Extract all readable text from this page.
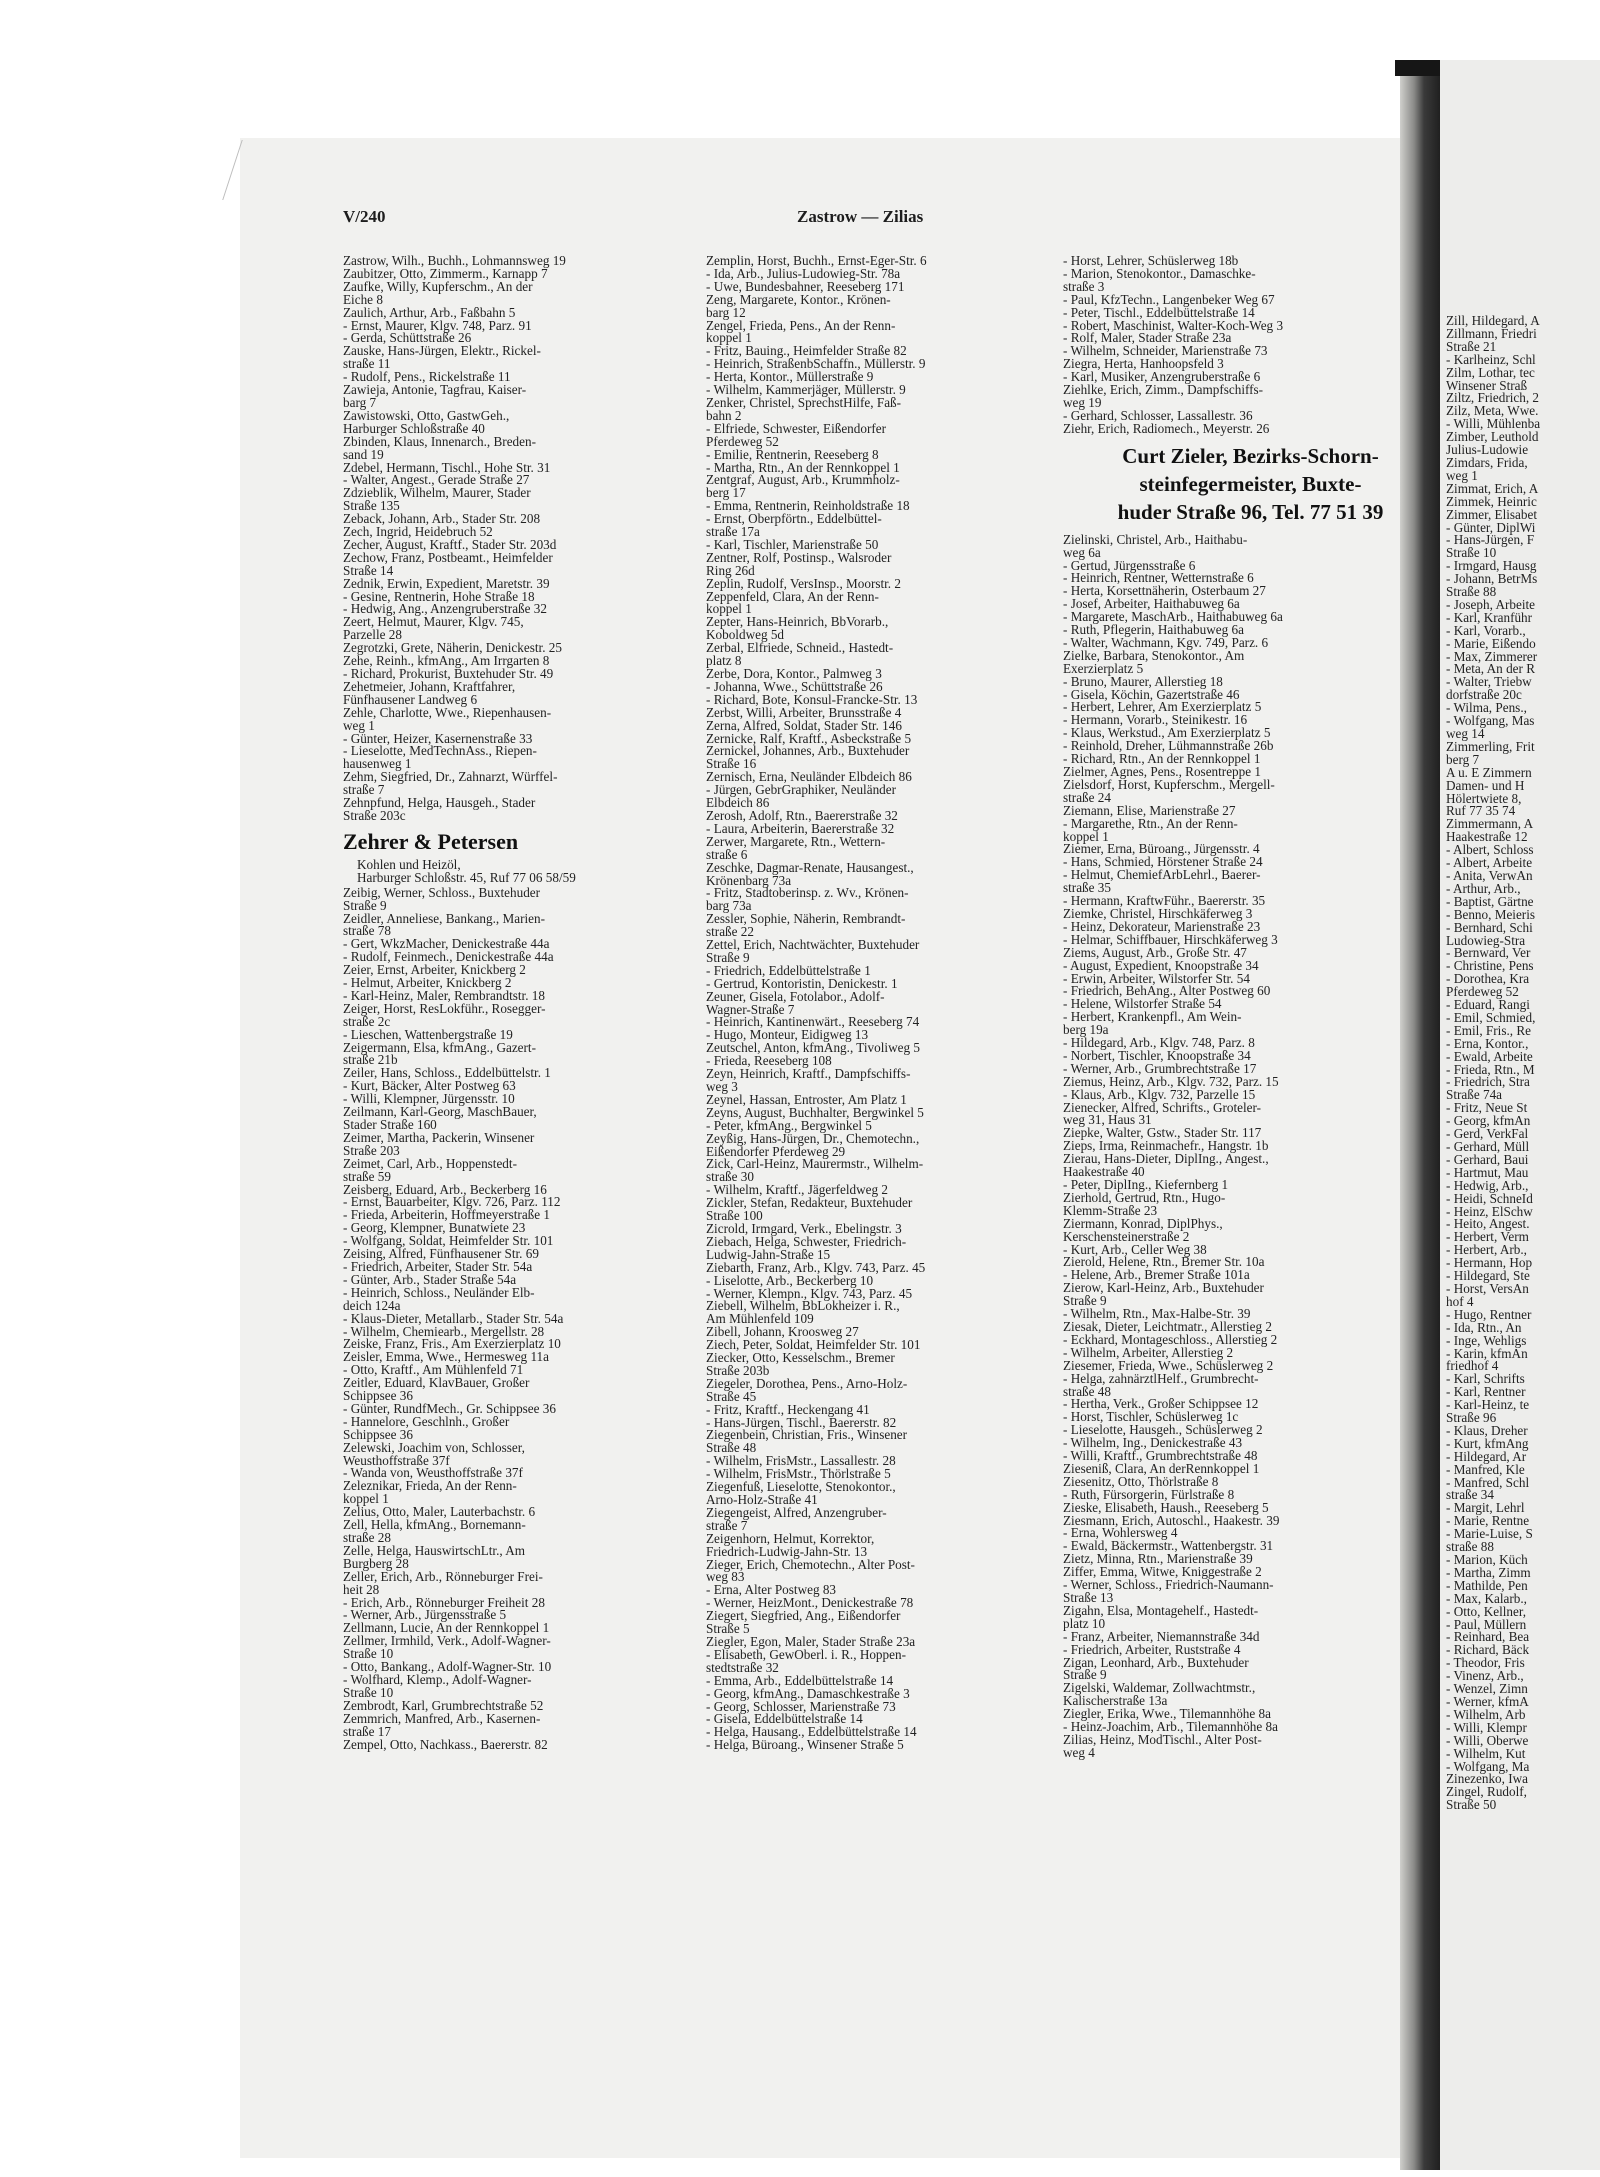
V/240	Zastrow — Zilias
Zastrow, Wilh., Buchh., Lohmannsweg 19
Zaubitzer, Otto, Zimmerm., Karnapp 7
Zaufke, Willy, Kupferschm., An der
Eiche 8
Zaulich, Arthur, Arb., Faßbahn 5
- Ernst, Maurer, Klgv. 748, Parz. 91
- Gerda, Schüttstraße 26
Zauske, Hans-Jürgen, Elektr., Rickel-
straße 11
- Rudolf, Pens., Rickelstraße 11
Zawieja, Antonie, Tagfrau, Kaiser-
barg 7
Zawistowski, Otto, GastwGeh.,
Harburger Schloßstraße 40
Zbinden, Klaus, Innenarch., Breden-
sand 19
Zdebel, Hermann, Tischl., Hohe Str. 31
- Walter, Angest., Gerade Straße 27
Zdzieblik, Wilhelm, Maurer, Stader
Straße 135
Zeback, Johann, Arb., Stader Str. 208
Zech, Ingrid, Heidebruch 52
Zecher, August, Kraftf., Stader Str. 203d
Zechow, Franz, Postbeamt., Heimfelder
Straße 14
Zednik, Erwin, Expedient, Maretstr. 39
- Gesine, Rentnerin, Hohe Straße 18
- Hedwig, Ang., Anzengruberstraße 32
Zeert, Helmut, Maurer, Klgv. 745,
Parzelle 28
Zegrotzki, Grete, Näherin, Denickestr. 25
Zehe, Reinh., kfmAng., Am Irrgarten 8
- Richard, Prokurist, Buxtehuder Str. 49
Zehetmeier, Johann, Kraftfahrer,
Fünfhausener Landweg 6
Zehle, Charlotte, Wwe., Riepenhausen-
weg 1
- Günter, Heizer, Kasernenstraße 33
- Lieselotte, MedTechnAss., Riepen-
hausenweg 1
Zehm, Siegfried, Dr., Zahnarzt, Würffel-
straße 7
Zehnpfund, Helga, Hausgeh., Stader
Straße 203c
Zehrer & Petersen
Kohlen und Heizöl,
Harburger Schloßstr. 45, Ruf 77 06 58/59
Zeibig, Werner, Schloss., Buxtehuder
Straße 9
Zeidler, Anneliese, Bankang., Marien-
straße 78
- Gert, WkzMacher, Denickestraße 44a
- Rudolf, Feinmech., Denickestraße 44a
Zeier, Ernst, Arbeiter, Knickberg 2
- Helmut, Arbeiter, Knickberg 2
- Karl-Heinz, Maler, Rembrandtstr. 18
Zeiger, Horst, ResLokführ., Rosegger-
straße 2c
- Lieschen, Wattenbergstraße 19
Zeigermann, Elsa, kfmAng., Gazert-
straße 21b
Zeiler, Hans, Schloss., Eddelbüttelstr. 1
- Kurt, Bäcker, Alter Postweg 63
- Willi, Klempner, Jürgensstr. 10
Zeilmann, Karl-Georg, MaschBauer,
Stader Straße 160
Zeimer, Martha, Packerin, Winsener
Straße 203
Zeimet, Carl, Arb., Hoppenstedt-
straße 59
Zeisberg, Eduard, Arb., Beckerberg 16
- Ernst, Bauarbeiter, Klgv. 726, Parz. 112
- Frieda, Arbeiterin, Hoffmeyerstraße 1
- Georg, Klempner, Bunatwiete 23
- Wolfgang, Soldat, Heimfelder Str. 101
Zeising, Alfred, Fünfhausener Str. 69
- Friedrich, Arbeiter, Stader Str. 54a
- Günter, Arb., Stader Straße 54a
- Heinrich, Schloss., Neuländer Elb-
deich 124a
- Klaus-Dieter, Metallarb., Stader Str. 54a
- Wilhelm, Chemiearb., Mergellstr. 28
Zeiske, Franz, Fris., Am Exerzierplatz 10
Zeisler, Emma, Wwe., Hermesweg 11a
- Otto, Kraftf., Am Mühlenfeld 71
Zeitler, Eduard, KlavBauer, Großer
Schippsee 36
- Günter, RundfMech., Gr. Schippsee 36
- Hannelore, Geschlnh., Großer
Schippsee 36
Zelewski, Joachim von, Schlosser,
Weusthoffstraße 37f
- Wanda von, Weusthoffstraße 37f
Zeleznikar, Frieda, An der Renn-
koppel 1
Zelius, Otto, Maler, Lauterbachstr. 6
Zell, Hella, kfmAng., Bornemann-
straße 28
Zelle, Helga, HauswirtschLtr., Am
Burgberg 28
Zeller, Erich, Arb., Rönneburger Frei-
heit 28
- Erich, Arb., Rönneburger Freiheit 28
- Werner, Arb., Jürgensstraße 5
Zellmann, Lucie, An der Rennkoppel 1
Zellmer, Irmhild, Verk., Adolf-Wagner-
Straße 10
- Otto, Bankang., Adolf-Wagner-Str. 10
- Wolfhard, Klemp., Adolf-Wagner-
Straße 10
Zembrodt, Karl, Grumbrechtstraße 52
Zemmrich, Manfred, Arb., Kasernen-
straße 17
Zempel, Otto, Nachkass., Baererstr. 82
Zemplin, Horst, Buchh., Ernst-Eger-Str. 6
- Ida, Arb., Julius-Ludowieg-Str. 78a
- Uwe, Bundesbahner, Reeseberg 171
Zeng, Margarete, Kontor., Krönen-
barg 12
Zengel, Frieda, Pens., An der Renn-
koppel 1
- Fritz, Bauing., Heimfelder Straße 82
- Heinrich, StraßenbSchaffn., Müllerstr. 9
- Herta, Kontor., Müllerstraße 9
- Wilhelm, Kammerjäger, Müllerstr. 9
Zenker, Christel, SprechstHilfe, Faß-
bahn 2
- Elfriede, Schwester, Eißendorfer
Pferdeweg 52
- Emilie, Rentnerin, Reeseberg 8
- Martha, Rtn., An der Rennkoppel 1
Zentgraf, August, Arb., Krummholz-
berg 17
- Emma, Rentnerin, Reinholdstraße 18
- Ernst, Oberpförtn., Eddelbüttel-
straße 17a
- Karl, Tischler, Marienstraße 50
Zentner, Rolf, Postinsp., Walsroder
Ring 26d
Zeplin, Rudolf, VersInsp., Moorstr. 2
Zeppenfeld, Clara, An der Renn-
koppel 1
Zepter, Hans-Heinrich, BbVorarb.,
Koboldweg 5d
Zerbal, Elfriede, Schneid., Hastedt-
platz 8
Zerbe, Dora, Kontor., Palmweg 3
- Johanna, Wwe., Schüttstraße 26
- Richard, Bote, Konsul-Francke-Str. 13
Zerbst, Willi, Arbeiter, Brunsstraße 4
Zerna, Alfred, Soldat, Stader Str. 146
Zernicke, Ralf, Kraftf., Asbeckstraße 5
Zernickel, Johannes, Arb., Buxtehuder
Straße 16
Zernisch, Erna, Neuländer Elbdeich 86
- Jürgen, GebrGraphiker, Neuländer
Elbdeich 86
Zerosh, Adolf, Rtn., Baererstraße 32
- Laura, Arbeiterin, Baererstraße 32
Zerwer, Margarete, Rtn., Wettern-
straße 6
Zeschke, Dagmar-Renate, Hausangest.,
Krönenbarg 73a
- Fritz, Stadtoberinsp. z. Wv., Krönen-
barg 73a
Zessler, Sophie, Näherin, Rembrandt-
straße 22
Zettel, Erich, Nachtwächter, Buxtehuder
Straße 9
- Friedrich, Eddelbüttelstraße 1
- Gertrud, Kontoristin, Denickestr. 1
Zeuner, Gisela, Fotolabor., Adolf-
Wagner-Straße 7
- Heinrich, Kantinenwärt., Reeseberg 74
- Hugo, Monteur, Eidigweg 13
Zeutschel, Anton, kfmAng., Tivoliweg 5
- Frieda, Reeseberg 108
Zeyn, Heinrich, Kraftf., Dampfschiffs-
weg 3
Zeynel, Hassan, Entroster, Am Platz 1
Zeyns, August, Buchhalter, Bergwinkel 5
- Peter, kfmAng., Bergwinkel 5
Zeyßig, Hans-Jürgen, Dr., Chemotechn.,
Eißendorfer Pferdeweg 29
Zick, Carl-Heinz, Maurermstr., Wilhelm-
straße 30
- Wilhelm, Kraftf., Jägerfeldweg 2
Zickler, Stefan, Redakteur, Buxtehuder
Straße 100
Zicrold, Irmgard, Verk., Ebelingstr. 3
Ziebach, Helga, Schwester, Friedrich-
Ludwig-Jahn-Straße 15
Ziebarth, Franz, Arb., Klgv. 743, Parz. 45
- Liselotte, Arb., Beckerberg 10
- Werner, Klempn., Klgv. 743, Parz. 45
Ziebell, Wilhelm, BbLokheizer i. R.,
Am Mühlenfeld 109
Zibell, Johann, Kroosweg 27
Ziech, Peter, Soldat, Heimfelder Str. 101
Ziecker, Otto, Kesselschm., Bremer
Straße 203b
Ziegeler, Dorothea, Pens., Arno-Holz-
Straße 45
- Fritz, Kraftf., Heckengang 41
- Hans-Jürgen, Tischl., Baererstr. 82
Ziegenbein, Christian, Fris., Winsener
Straße 48
- Wilhelm, FrisMstr., Lassallestr. 28
- Wilhelm, FrisMstr., Thörlstraße 5
Ziegenfuß, Lieselotte, Stenokontor.,
Arno-Holz-Straße 41
Ziegengeist, Alfred, Anzengruber-
straße 7
Zeigenhorn, Helmut, Korrektor,
Friedrich-Ludwig-Jahn-Str. 13
Zieger, Erich, Chemotechn., Alter Post-
weg 83
- Erna, Alter Postweg 83
- Werner, HeizMont., Denickestraße 78
Ziegert, Siegfried, Ang., Eißendorfer
Straße 5
Ziegler, Egon, Maler, Stader Straße 23a
- Elisabeth, GewOberl. i. R., Hoppen-
stedtstraße 32
- Emma, Arb., Eddelbüttelstraße 14
- Georg, kfmAng., Damaschkestraße 3
- Georg, Schlosser, Marienstraße 73
- Gisela, Eddelbüttelstraße 14
- Helga, Hausang., Eddelbüttelstraße 14
- Helga, Büroang., Winsener Straße 5
- Horst, Lehrer, Schüslerweg 18b
- Marion, Stenokontor., Damaschke-
straße 3
- Paul, KfzTechn., Langenbeker Weg 67
- Peter, Tischl., Eddelbüttelstraße 14
- Robert, Maschinist, Walter-Koch-Weg 3
- Rolf, Maler, Stader Straße 23a
- Wilhelm, Schneider, Marienstraße 73
Ziegra, Herta, Hanhoopsfeld 3
- Karl, Musiker, Anzengruberstraße 6
Ziehlke, Erich, Zimm., Dampfschiffs-
weg 19
- Gerhard, Schlosser, Lassallestr. 36
Ziehr, Erich, Radiomech., Meyerstr. 26
Curt Zieler, Bezirks-Schorn-
steinfegermeister, Buxte-
huder Straße 96, Tel. 77 51 39
Zielinski, Christel, Arb., Haithabu-
weg 6a
- Gertud, Jürgensstraße 6
- Heinrich, Rentner, Wetternstraße 6
- Herta, Korsettnäherin, Osterbaum 27
- Josef, Arbeiter, Haithabuweg 6a
- Margarete, MaschArb., Haithabuweg 6a
- Ruth, Pflegerin, Haithabuweg 6a
- Walter, Wachmann, Kgv. 749, Parz. 6
Zielke, Barbara, Stenokontor., Am
Exerzierplatz 5
- Bruno, Maurer, Allerstieg 18
- Gisela, Köchin, Gazertstraße 46
- Herbert, Lehrer, Am Exerzierplatz 5
- Hermann, Vorarb., Steinikestr. 16
- Klaus, Werkstud., Am Exerzierplatz 5
- Reinhold, Dreher, Lühmannstraße 26b
- Richard, Rtn., An der Rennkoppel 1
Zielmer, Agnes, Pens., Rosentreppe 1
Zielsdorf, Horst, Kupferschm., Mergell-
straße 24
Ziemann, Elise, Marienstraße 27
- Margarethe, Rtn., An der Renn-
koppel 1
Ziemer, Erna, Büroang., Jürgensstr. 4
- Hans, Schmied, Hörstener Straße 24
- Helmut, ChemiefArbLehrl., Baerer-
straße 35
- Hermann, KraftwFühr., Baererstr. 35
Ziemke, Christel, Hirschkäferweg 3
- Heinz, Dekorateur, Marienstraße 23
- Helmar, Schiffbauer, Hirschkäferweg 3
Ziems, August, Arb., Große Str. 47
- August, Expedient, Knoopstraße 34
- Erwin, Arbeiter, Wilstorfer Str. 54
- Friedrich, BehAng., Alter Postweg 60
- Helene, Wilstorfer Straße 54
- Herbert, Krankenpfl., Am Wein-
berg 19a
- Hildegard, Arb., Klgv. 748, Parz. 8
- Norbert, Tischler, Knoopstraße 34
- Werner, Arb., Grumbrechtstraße 17
Ziemus, Heinz, Arb., Klgv. 732, Parz. 15
- Klaus, Arb., Klgv. 732, Parzelle 15
Zienecker, Alfred, Schrifts., Groteler-
weg 31, Haus 31
Ziepke, Walter, Gstw., Stader Str. 117
Zieps, Irma, Reinmachefr., Hangstr. 1b
Zierau, Hans-Dieter, DiplIng., Angest.,
Haakestraße 40
- Peter, DiplIng., Kiefernberg 1
Zierhold, Gertrud, Rtn., Hugo-
Klemm-Straße 23
Ziermann, Konrad, DiplPhys.,
Kerschensteinerstraße 2
- Kurt, Arb., Celler Weg 38
Zierold, Helene, Rtn., Bremer Str. 10a
- Helene, Arb., Bremer Straße 101a
Zierow, Karl-Heinz, Arb., Buxtehuder
Straße 9
- Wilhelm, Rtn., Max-Halbe-Str. 39
Ziesak, Dieter, Leichtmatr., Allerstieg 2
- Eckhard, Montageschloss., Allerstieg 2
- Wilhelm, Arbeiter, Allerstieg 2
Ziesemer, Frieda, Wwe., Schüslerweg 2
- Helga, zahnärztlHelf., Grumbrecht-
straße 48
- Hertha, Verk., Großer Schippsee 12
- Horst, Tischler, Schüslerweg 1c
- Lieselotte, Hausgeh., Schüslerweg 2
- Wilhelm, Ing., Denickestraße 43
- Willi, Kraftf., Grumbrechtstraße 48
Ziesenіß, Clara, An derRennkoppel 1
Ziesenitz, Otto, Thörlstraße 8
- Ruth, Fürsorgerin, Fürlstraße 8
Zieske, Elisabeth, Haush., Reeseberg 5
Ziesmann, Erich, Autoschl., Haakestr. 39
- Erna, Wohlersweg 4
- Ewald, Bäckermstr., Wattenbergstr. 31
Zietz, Minna, Rtn., Marienstraße 39
Ziffer, Emma, Witwe, Kniggestraße 2
- Werner, Schloss., Friedrich-Naumann-
Straße 13
Zigahn, Elsa, Montagehelf., Hastedt-
platz 10
- Franz, Arbeiter, Niemannstraße 34d
- Friedrich, Arbeiter, Ruststraße 4
Zigan, Leonhard, Arb., Buxtehuder
Straße 9
Zigelski, Waldemar, Zollwachtmstr.,
Kalischerstraße 13a
Ziegler, Erika, Wwe., Tilemannhöhe 8a
- Heinz-Joachim, Arb., Tilemannhöhe 8a
Zilias, Heinz, ModTischl., Alter Post-
weg 4
Zill, Hildegard, A
Zillmann, Friedri
Straße 21
- Karlheinz, Schl
Zilm, Lothar, tec
Winsener Straß
Ziltz, Friedrich, 2
Zilz, Meta, Wwe.
- Willi, Mühlenba
Zimber, Leuthold
Julius-Ludowie
Zimdars, Frida,
weg 1
Zimmat, Erich, A
Zimmek, Heinric
Zimmer, Elisabet
- Günter, DiplWi
- Hans-Jürgen, F
Straße 10
- Irmgard, Hausg
- Johann, BetrMs
Straße 88
- Joseph, Arbeite
- Karl, Kranführ
- Karl, Vorarb.,
- Marie, Eißendo
- Max, Zimmerer
- Meta, An der R
- Walter, Triebw
dorfstraße 20c
- Wilma, Pens.,
- Wolfgang, Mas
weg 14
Zimmerling, Frit
berg 7
A u. E Zimmern
Damen- und H
Hölertwiete 8,
Ruf 77 35 74
Zimmermann, A
Haakestraße 12
- Albert, Schloss
- Albert, Arbeite
- Anita, VerwAn
- Arthur, Arb.,
- Baptist, Gärtne
- Benno, Meieris
- Bernhard, Schi
Ludowieg-Stra
- Bernward, Ver
- Christine, Pens
- Dorothea, Kra
Pferdeweg 52
- Eduard, Rangi
- Emil, Schmied,
- Emil, Fris., Re
- Erna, Kontor.,
- Ewald, Arbeite
- Frieda, Rtn., M
- Friedrich, Stra
Straße 74a
- Fritz, Neue St
- Georg, kfmAn
- Gerd, VerkFal
- Gerhard, Müll
- Gerhard, Baui
- Hartmut, Mau
- Hedwig, Arb.,
- Heidi, SchneId
- Heinz, ElSchw
- Heito, Angest.
- Herbert, Verm
- Herbert, Arb.,
- Hermann, Hop
- Hildegard, Ste
- Horst, VersAn
hof 4
- Hugo, Rentner
- Ida, Rtn., An
- Inge, Wehligs
- Karin, kfmAn
friedhof 4
- Karl, Schrifts
- Karl, Rentner
- Karl-Heinz, te
Straße 96
- Klaus, Dreher
- Kurt, kfmAng
- Hildegard, Ar
- Manfred, Kle
- Manfred, Schl
straße 34
- Margit, Lehrl
- Marie, Rentne
- Marie-Luise, S
straße 88
- Marion, Küch
- Martha, Zimm
- Mathilde, Pen
- Max, Kalarb.,
- Otto, Kellner,
- Paul, Müllern
- Reinhard, Bea
- Richard, Bäck
- Theodor, Fris
- Vinenz, Arb.,
- Wenzel, Zimn
- Werner, kfmA
- Wilhelm, Arb
- Willi, Klempr
- Willi, Oberwe
- Wilhelm, Kut
- Wolfgang, Ma
Zinezenko, Iwa
Zingel, Rudolf,
Straße 50
